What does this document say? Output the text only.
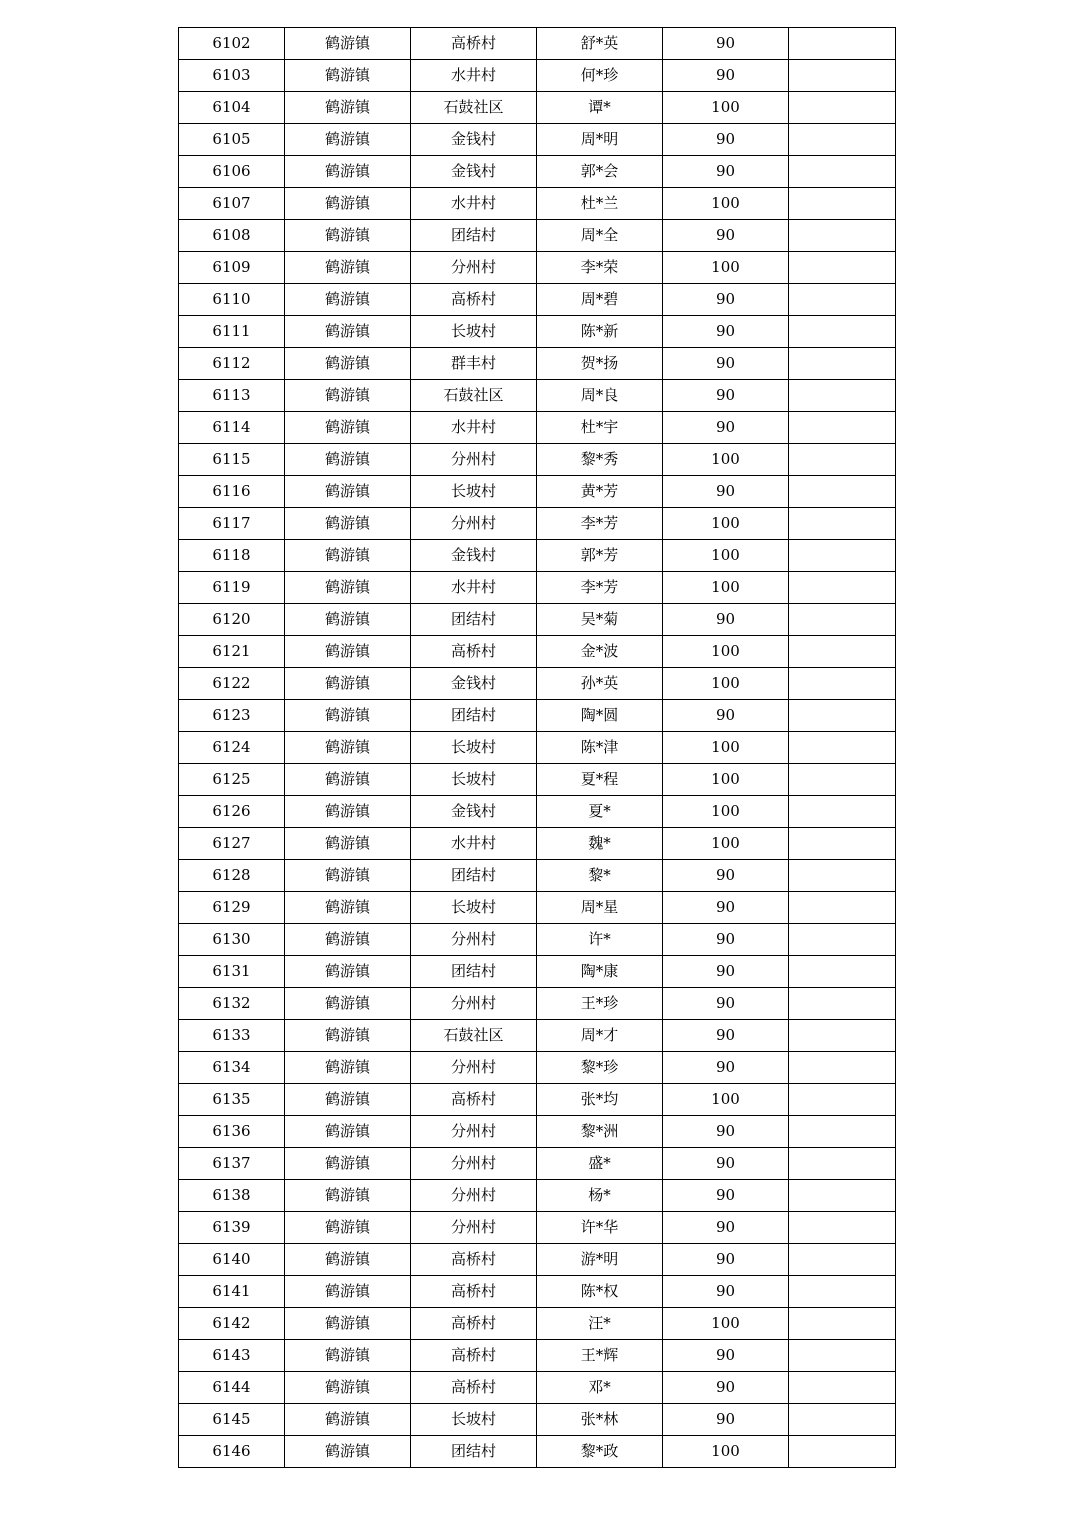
6102	鹤游镇	高桥村	舒*英	90	
6103	鹤游镇	水井村	何*珍	90	
6104	鹤游镇	石鼓社区	谭*	100	
6105	鹤游镇	金钱村	周*明	90	
6106	鹤游镇	金钱村	郭*会	90	
6107	鹤游镇	水井村	杜*兰	100	
6108	鹤游镇	团结村	周*全	90	
6109	鹤游镇	分州村	李*荣	100	
6110	鹤游镇	高桥村	周*碧	90	
6111	鹤游镇	长坡村	陈*新	90	
6112	鹤游镇	群丰村	贺*扬	90	
6113	鹤游镇	石鼓社区	周*良	90	
6114	鹤游镇	水井村	杜*宇	90	
6115	鹤游镇	分州村	黎*秀	100	
6116	鹤游镇	长坡村	黄*芳	90	
6117	鹤游镇	分州村	李*芳	100	
6118	鹤游镇	金钱村	郭*芳	100	
6119	鹤游镇	水井村	李*芳	100	
6120	鹤游镇	团结村	吴*菊	90	
6121	鹤游镇	高桥村	金*波	100	
6122	鹤游镇	金钱村	孙*英	100	
6123	鹤游镇	团结村	陶*圆	90	
6124	鹤游镇	长坡村	陈*津	100	
6125	鹤游镇	长坡村	夏*程	100	
6126	鹤游镇	金钱村	夏*	100	
6127	鹤游镇	水井村	魏*	100	
6128	鹤游镇	团结村	黎*	90	
6129	鹤游镇	长坡村	周*星	90	
6130	鹤游镇	分州村	许*	90	
6131	鹤游镇	团结村	陶*康	90	
6132	鹤游镇	分州村	王*珍	90	
6133	鹤游镇	石鼓社区	周*才	90	
6134	鹤游镇	分州村	黎*珍	90	
6135	鹤游镇	高桥村	张*均	100	
6136	鹤游镇	分州村	黎*洲	90	
6137	鹤游镇	分州村	盛*	90	
6138	鹤游镇	分州村	杨*	90	
6139	鹤游镇	分州村	许*华	90	
6140	鹤游镇	高桥村	游*明	90	
6141	鹤游镇	高桥村	陈*权	90	
6142	鹤游镇	高桥村	汪*	100	
6143	鹤游镇	高桥村	王*辉	90	
6144	鹤游镇	高桥村	邓*	90	
6145	鹤游镇	长坡村	张*林	90	
6146	鹤游镇	团结村	黎*政	100	
